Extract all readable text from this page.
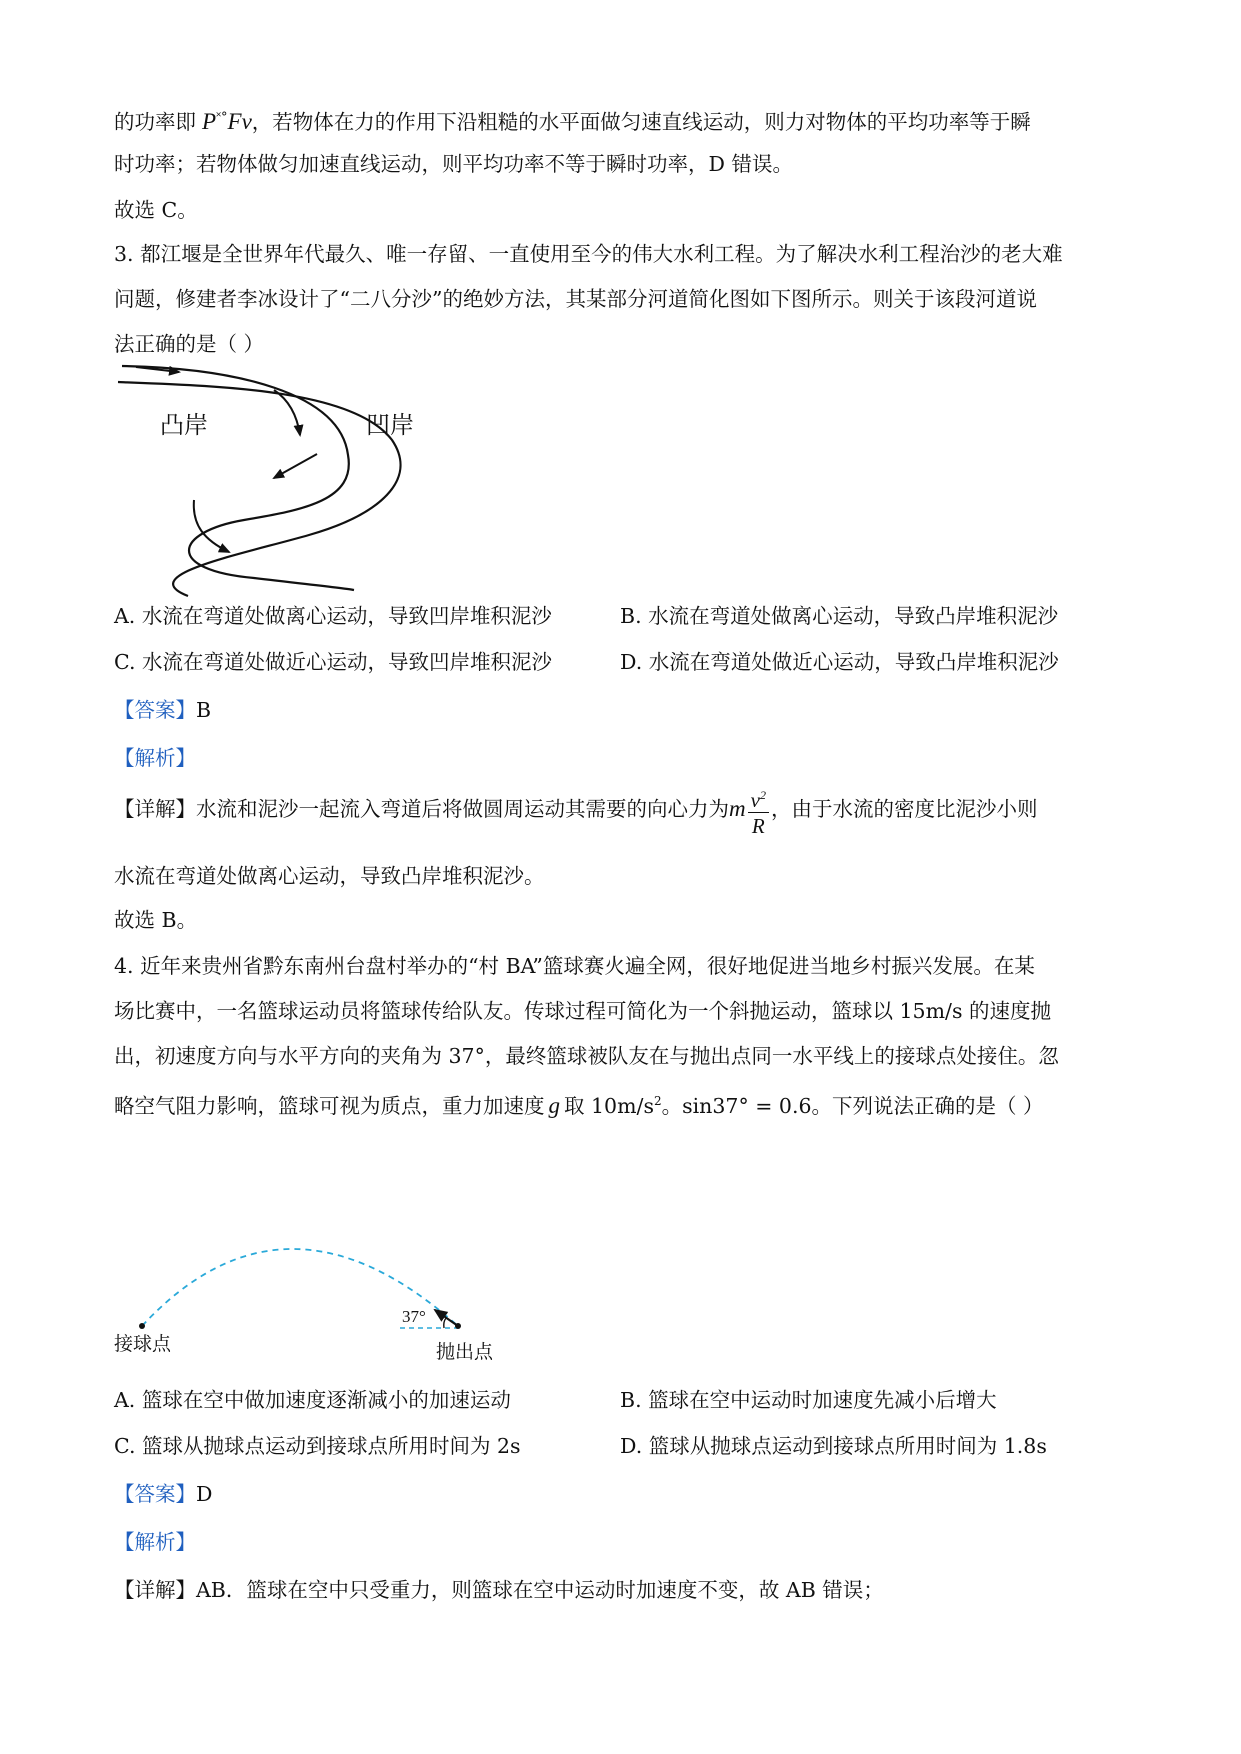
的功率即 P˟°Fv，若物体在力的作用下沿粗糙的水平面做匀速直线运动，则力对物体的平均功率等于瞬
时功率；若物体做匀加速直线运动，则平均功率不等于瞬时功率，D 错误。
故选 C。
3. 都江堰是全世界年代最久、唯一存留、一直使用至今的伟大水利工程。为了解决水利工程治沙的老大难
问题，修建者李冰设计了“二八分沙”的绝妙方法，其某部分河道简化图如下图所示。则关于该段河道说
法正确的是（ ）
凸岸	凹岸
A. 水流在弯道处做离心运动，导致凹岸堆积泥沙	B. 水流在弯道处做离心运动，导致凸岸堆积泥沙
C. 水流在弯道处做近心运动，导致凹岸堆积泥沙	D. 水流在弯道处做近心运动，导致凸岸堆积泥沙
【答案】B
【解析】
【详解】水流和泥沙一起流入弯道后将做圆周运动其需要的向心力为m $\frac{v^2}{R}$ ，由于水流的密度比泥沙小则
水流在弯道处做离心运动，导致凸岸堆积泥沙。
故选 B。
4. 近年来贵州省黔东南州台盘村举办的“村 BA”篮球赛火遍全网，很好地促进当地乡村振兴发展。在某
场比赛中，一名篮球运动员将篮球传给队友。传球过程可简化为一个斜抛运动，篮球以 15m/s 的速度抛
出，初速度方向与水平方向的夹角为 37°，最终篮球被队友在与抛出点同一水平线上的接球点处接住。忽
略空气阻力影响，篮球可视为质点，重力加速度 g 取 $10m/s^2$。sin37° = 0.6。下列说法正确的是（ ）
37°
接球点	抛出点
A. 篮球在空中做加速度逐渐减小的加速运动	B. 篮球在空中运动时加速度先减小后增大
C. 篮球从抛球点运动到接球点所用时间为 2s	D. 篮球从抛球点运动到接球点所用时间为 1.8s
【答案】D
【解析】
【详解】AB．篮球在空中只受重力，则篮球在空中运动时加速度不变，故 AB 错误；
